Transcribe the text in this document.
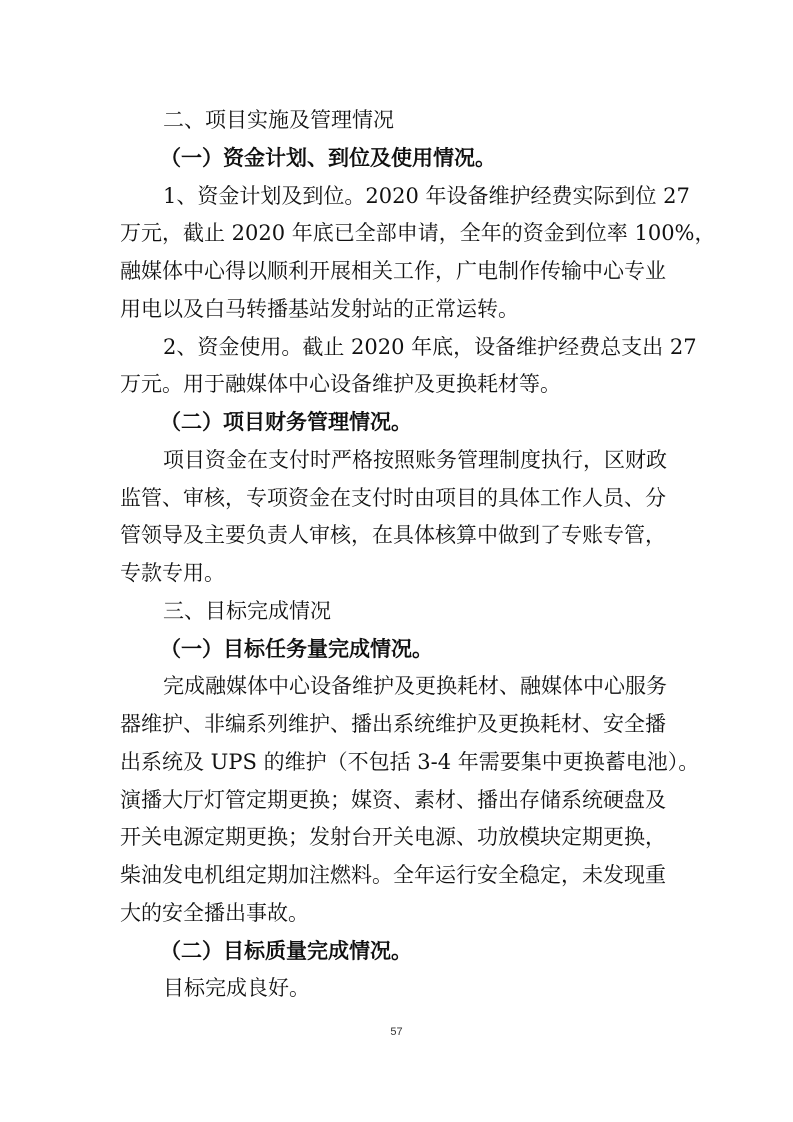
二、项目实施及管理情况

（一）资金计划、到位及使用情况。

1、资金计划及到位。2020 年设备维护经费实际到位 27

万元，截止 2020 年底已全部申请，全年的资金到位率 100%，

融媒体中心得以顺利开展相关工作，广电制作传输中心专业

用电以及白马转播基站发射站的正常运转。

2、资金使用。截止 2020 年底，设备维护经费总支出 27

万元。用于融媒体中心设备维护及更换耗材等。

（二）项目财务管理情况。

项目资金在支付时严格按照账务管理制度执行，区财政

监管、审核，专项资金在支付时由项目的具体工作人员、分

管领导及主要负责人审核，在具体核算中做到了专账专管，

专款专用。

三、目标完成情况

（一）目标任务量完成情况。

完成融媒体中心设备维护及更换耗材、融媒体中心服务

器维护、非编系列维护、播出系统维护及更换耗材、安全播

出系统及 UPS 的维护（不包括 3-4 年需要集中更换蓄电池）。

演播大厅灯管定期更换；媒资、素材、播出存储系统硬盘及

开关电源定期更换；发射台开关电源、功放模块定期更换，

柴油发电机组定期加注燃料。全年运行安全稳定，未发现重

大的安全播出事故。

（二）目标质量完成情况。

目标完成良好。

57
